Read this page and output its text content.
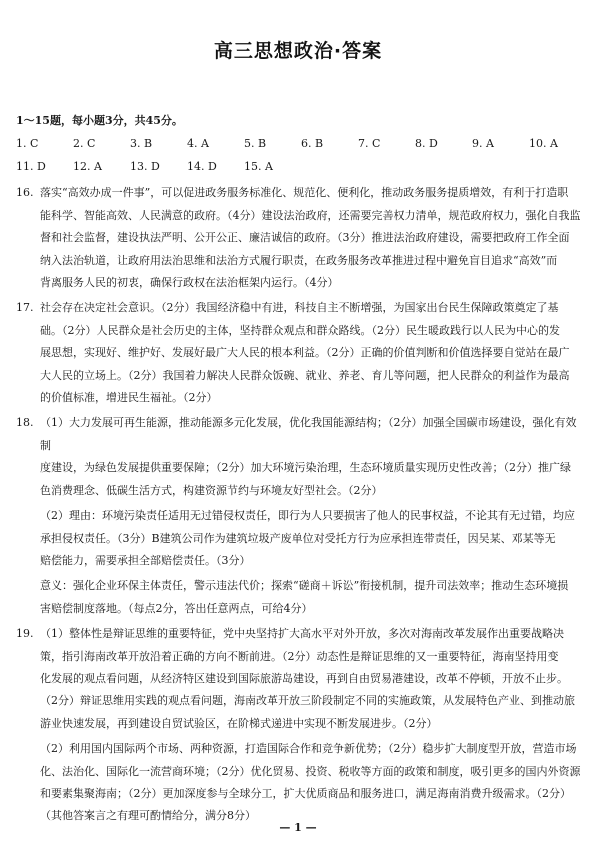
高三思想政治·答案
1～15题，每小题3分，共45分。
1. C	2. C	3. B	4. A	5. B	6. B	7. C	8. D	9. A	10. A
11. D 12. A	13. D 14. D 15. A
16. 落实“高效办成一件事”，可以促进政务服务标准化、规范化、便利化，推动政务服务提质增效，有利于打造职
能科学、智能高效、人民满意的政府。（4分）建设法治政府，还需要完善权力清单，规范政府权力，强化自我监
督和社会监督，建设执法严明、公开公正、廉洁诚信的政府。（3分）推进法治政府建设，需要把政府工作全面
纳入法治轨道，让政府用法治思维和法治方式履行职责，在政务服务改革推进过程中避免盲目追求“高效”而
背离服务人民的初衷，确保行政权在法治框架内运行。（4分）
17. 社会存在决定社会意识。（2分）我国经济稳中有进，科技自主不断增强，为国家出台民生保障政策奠定了基
础。（2分）人民群众是社会历史的主体，坚持群众观点和群众路线。（2分）民生暖政践行以人民为中心的发
展思想，实现好、维护好、发展好最广大人民的根本利益。（2分）正确的价值判断和价值选择要自觉站在最广
大人民的立场上。（2分）我国着力解决人民群众饭碗、就业、养老、育儿等问题，把人民群众的利益作为最高
的价值标准，增进民生福祉。（2分）
18. （1）大力发展可再生能源，推动能源多元化发展，优化我国能源结构；（2分）加强全国碳市场建设，强化有效制
度建设，为绿色发展提供重要保障；（2分）加大环境污染治理，生态环境质量实现历史性改善；（2分）推广绿
色消费理念、低碳生活方式，构建资源节约与环境友好型社会。（2分）
（2）理由：环境污染责任适用无过错侵权责任，即行为人只要损害了他人的民事权益，不论其有无过错，均应
承担侵权责任。（3分）B建筑公司作为建筑垃圾产废单位对受托方行为应承担连带责任，因吴某、邓某等无
赔偿能力，需要承担全部赔偿责任。（3分）
意义：强化企业环保主体责任，警示违法代价；探索“磋商＋诉讼”衔接机制，提升司法效率；推动生态环境损
害赔偿制度落地。（每点2分，答出任意两点，可给4分）
19. （1）整体性是辩证思维的重要特征，党中央坚持扩大高水平对外开放，多次对海南改革发展作出重要战略决
策，指引海南改革开放沿着正确的方向不断前进。（2分）动态性是辩证思维的又一重要特征，海南坚持用变
化发展的观点看问题，从经济特区建设到国际旅游岛建设，再到自由贸易港建设，改革不停顿，开放不止步。
（2分）辩证思维用实践的观点看问题，海南改革开放三阶段制定不同的实施政策，从发展特色产业、到推动旅
游业快速发展，再到建设自贸试验区，在阶梯式递进中实现不断发展进步。（2分）
（2）利用国内国际两个市场、两种资源，打造国际合作和竞争新优势；（2分）稳步扩大制度型开放，营造市场
化、法治化、国际化一流营商环境；（2分）优化贸易、投资、税收等方面的政策和制度，吸引更多的国内外资源
和要素集聚海南；（2分）更加深度参与全球分工，扩大优质商品和服务进口，满足海南消费升级需求。（2分）
（其他答案言之有理可酌情给分，满分8分）
— 1 —
